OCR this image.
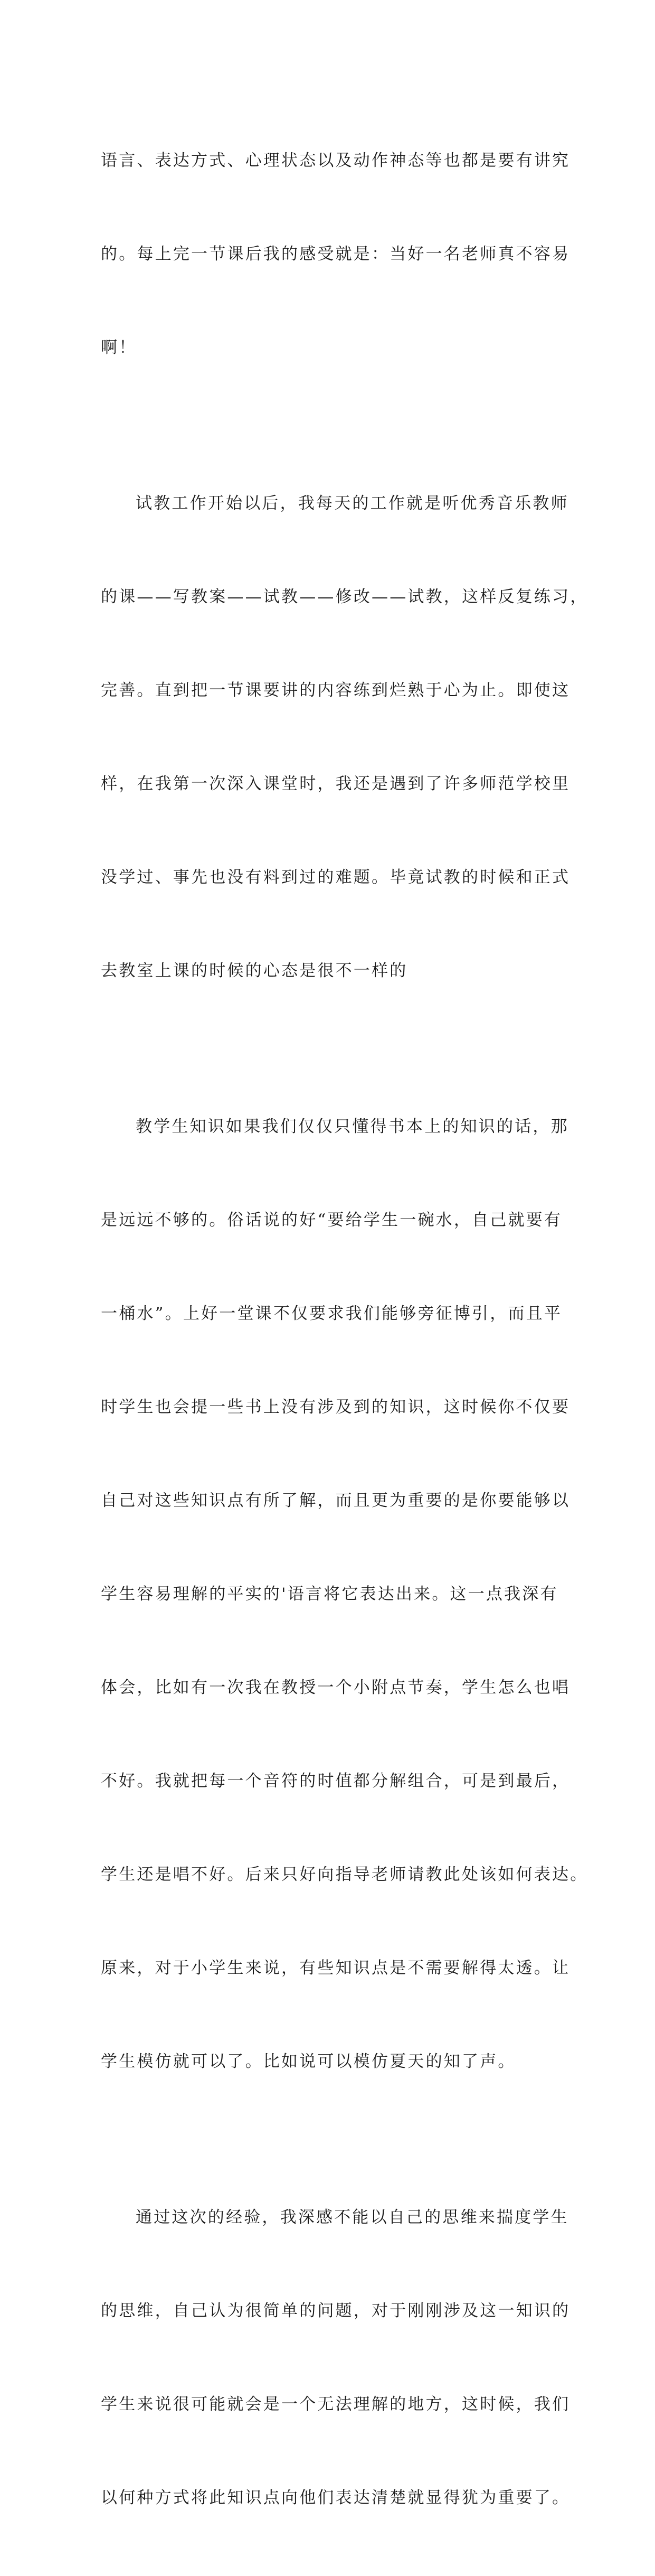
语言、表达方式、心理状态以及动作神态等也都是要有讲究

的。每上完一节课后我的感受就是：当好一名老师真不容易

啊！

试教工作开始以后，我每天的工作就是听优秀音乐教师

的课——写教案——试教——修改——试教，这样反复练习，

完善。直到把一节课要讲的内容练到烂熟于心为止。即使这

样，在我第一次深入课堂时，我还是遇到了许多师范学校里

没学过、事先也没有料到过的难题。毕竟试教的时候和正式

去教室上课的时候的心态是很不一样的

教学生知识如果我们仅仅只懂得书本上的知识的话，那

是远远不够的。俗话说的好“要给学生一碗水，自己就要有

一桶水”。上好一堂课不仅要求我们能够旁征博引，而且平

时学生也会提一些书上没有涉及到的知识，这时候你不仅要

自己对这些知识点有所了解，而且更为重要的是你要能够以

学生容易理解的平实的'语言将它表达出来。这一点我深有

体会，比如有一次我在教授一个小附点节奏，学生怎么也唱

不好。我就把每一个音符的时值都分解组合，可是到最后，

学生还是唱不好。后来只好向指导老师请教此处该如何表达。

原来，对于小学生来说，有些知识点是不需要解得太透。让

学生模仿就可以了。比如说可以模仿夏天的知了声。

通过这次的经验，我深感不能以自己的思维来揣度学生

的思维，自己认为很简单的问题，对于刚刚涉及这一知识的

学生来说很可能就会是一个无法理解的地方，这时候，我们

以何种方式将此知识点向他们表达清楚就显得犹为重要了。
